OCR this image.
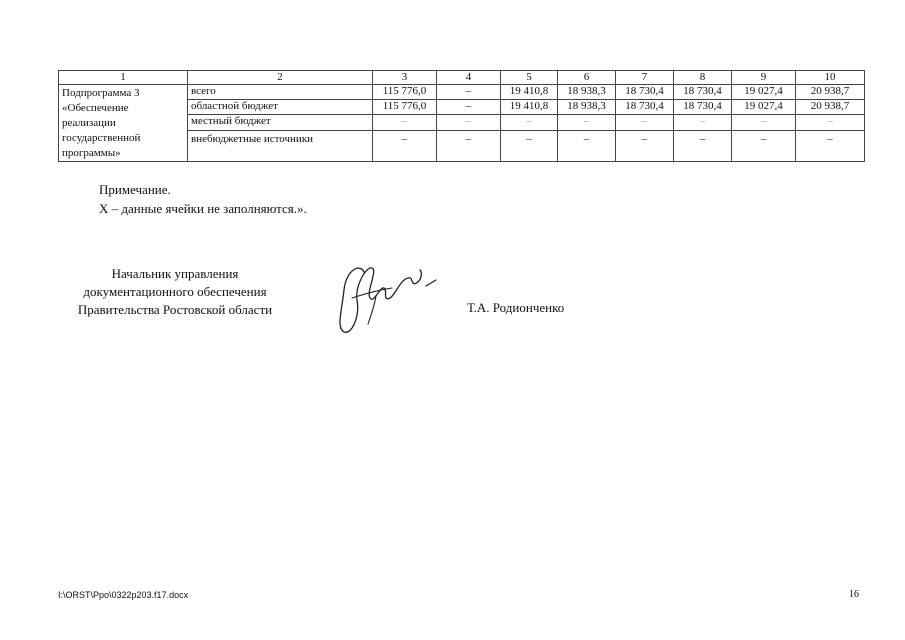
1	2	3	4	5	6	7	8	9	10
Подпрограмма 3 «Обеспечение реализации государственной программы»	всего	115 776,0	–	19 410,8	18 938,3	18 730,4	18 730,4	19 027,4	20 938,7
	областной бюджет	115 776,0	–	19 410,8	18 938,3	18 730,4	18 730,4	19 027,4	20 938,7
	местный бюджет	–	–	–	–	–	–	–	–
	внебюджетные источники	–	–	–	–	–	–	–	–
Примечание.
Х – данные ячейки не заполняются.».
Начальник управления
документационного обеспечения
Правительства Ростовской области	Т.А. Родионченко
I:\ORST\Ppo\0322p203.f17.docx	16
